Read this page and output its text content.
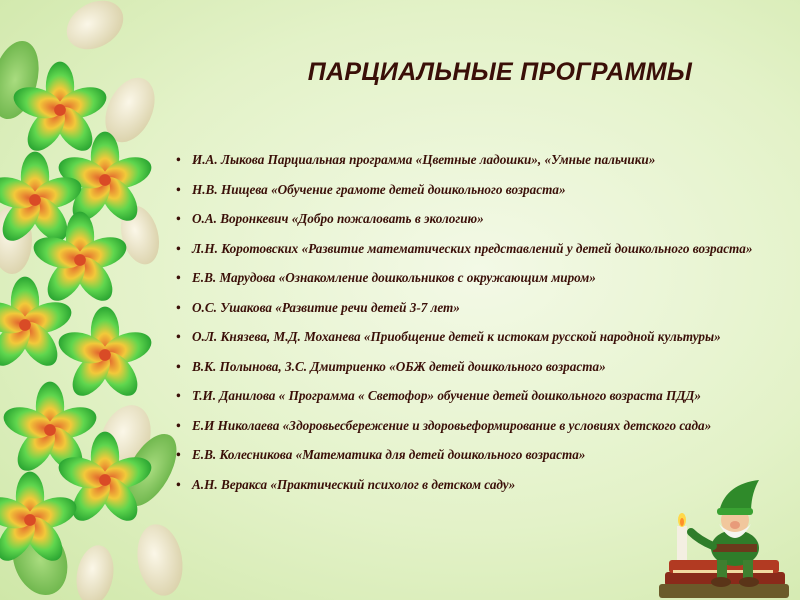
ПАРЦИАЛЬНЫЕ ПРОГРАММЫ
• И.А. Лыкова Парциальная программа «Цветные ладошки», «Умные пальчики»
• Н.В. Нищева «Обучение грамоте детей дошкольного возраста»
• О.А. Воронкевич «Добро пожаловать в экологию»
• Л.Н. Коротовских «Развитие математических представлений у детей дошкольного возраста»
• Е.В. Марудова «Ознакомление дошкольников с окружающим миром»
• О.С. Ушакова «Развитие речи детей 3-7 лет»
• О.Л. Князева, М.Д. Моханева «Приобщение детей к истокам русской народной культуры»
• В.К. Полынова, З.С. Дмитриенко «ОБЖ детей дошкольного возраста»
• Т.И. Данилова « Программа « Светофор» обучение детей дошкольного возраста ПДД»
• Е.И Николаева «Здоровьесбережение и здоровьеформирование в условиях детского сада»
• Е.В. Колесникова «Математика для детей дошкольного возраста»
• А.Н. Веракса «Практический психолог в детском саду»
